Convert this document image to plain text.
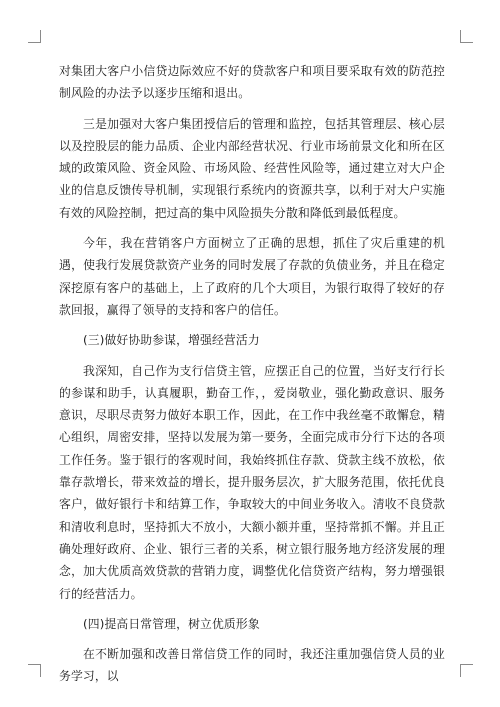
对集团大客户小信贷边际效应不好的贷款客户和项目要采取有效的防范控制风险的办法予以逐步压缩和退出。

三是加强对大客户集团授信后的管理和监控，包括其管理层、核心层以及控股层的能力品质、企业内部经营状况、行业市场前景文化和所在区域的政策风险、资金风险、市场风险、经营性风险等，通过建立对大户企业的信息反馈传导机制，实现银行系统内的资源共享，以利于对大户实施有效的风险控制，把过高的集中风险损失分散和降低到最低程度。

今年，我在营销客户方面树立了正确的思想，抓住了灾后重建的机遇，使我行发展贷款资产业务的同时发展了存款的负债业务，并且在稳定深挖原有客户的基础上，上了政府的几个大项目，为银行取得了较好的存款回报，赢得了领导的支持和客户的信任。

(三)做好协助参谋，增强经营活力

我深知，自己作为支行信贷主管，应摆正自己的位置，当好支行行长的参谋和助手，认真履职，勤奋工作，，爱岗敬业，强化勤政意识、服务意识，尽职尽责努力做好本职工作，因此，在工作中我丝毫不敢懈怠，精心组织，周密安排，坚持以发展为第一要务，全面完成市分行下达的各项工作任务。鉴于银行的客观时间，我始终抓住存款、贷款主线不放松，依靠存款增长，带来效益的增长，提升服务层次，扩大服务范围，依托优良客户，做好银行卡和结算工作，争取较大的中间业务收入。清收不良贷款和清收利息时，坚持抓大不放小，大额小额并重，坚持常抓不懈。并且正确处理好政府、企业、银行三者的关系，树立银行服务地方经济发展的理念，加大优质高效贷款的营销力度，调整优化信贷资产结构，努力增强银行的经营活力。

(四)提高日常管理，树立优质形象

在不断加强和改善日常信贷工作的同时，我还注重加强信贷人员的业务学习，以
